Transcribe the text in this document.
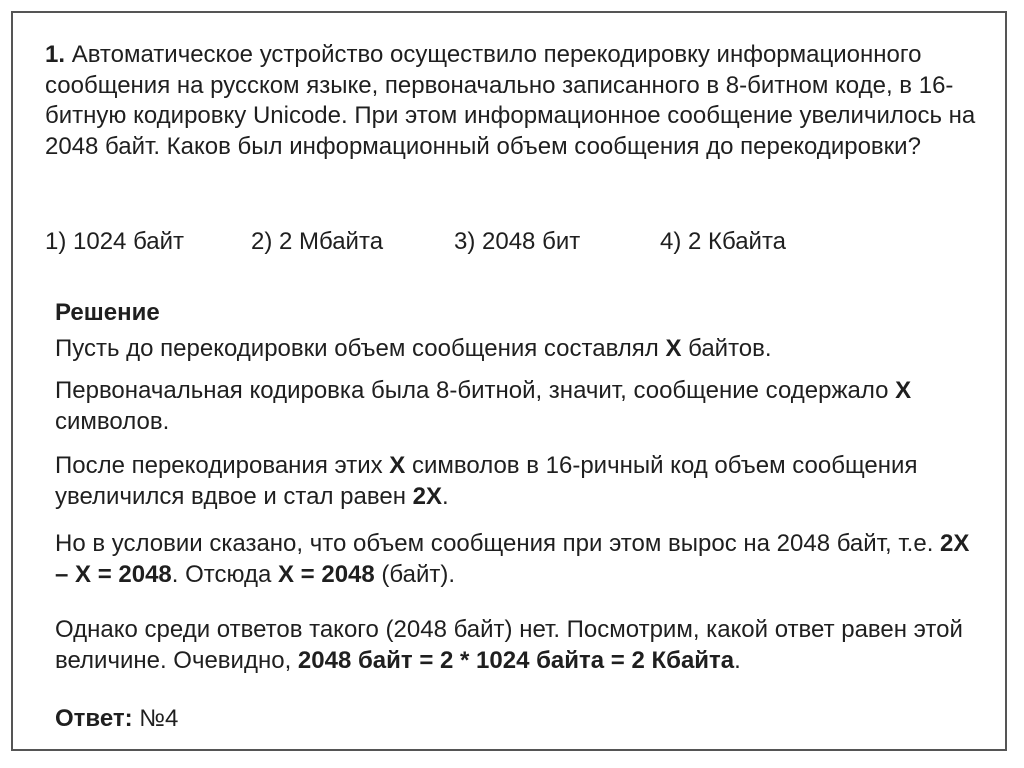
1. Автоматическое устройство осуществило перекодировку информационного сообщения на русском языке, первоначально записанного в 8-битном коде, в 16-битную кодировку Unicode. При этом информационное сообщение увеличилось на 2048 байт. Каков был информационный объем сообщения до перекодировки?
1) 1024 байт	2) 2 Мбайта	3) 2048 бит	4) 2 Кбайта
Решение
Пусть до перекодировки объем сообщения составлял X байтов.
Первоначальная кодировка была 8-битной, значит, сообщение содержало X символов.
После перекодирования этих X символов в 16-ричный код объем сообщения увеличился вдвое и стал равен 2X.
Но в условии сказано, что объем сообщения при этом вырос на 2048 байт, т.е. 2X – X = 2048. Отсюда X = 2048 (байт).
Однако среди ответов такого (2048 байт) нет. Посмотрим, какой ответ равен этой величине. Очевидно, 2048 байт = 2 * 1024 байта = 2 Кбайта.
Ответ: №4
